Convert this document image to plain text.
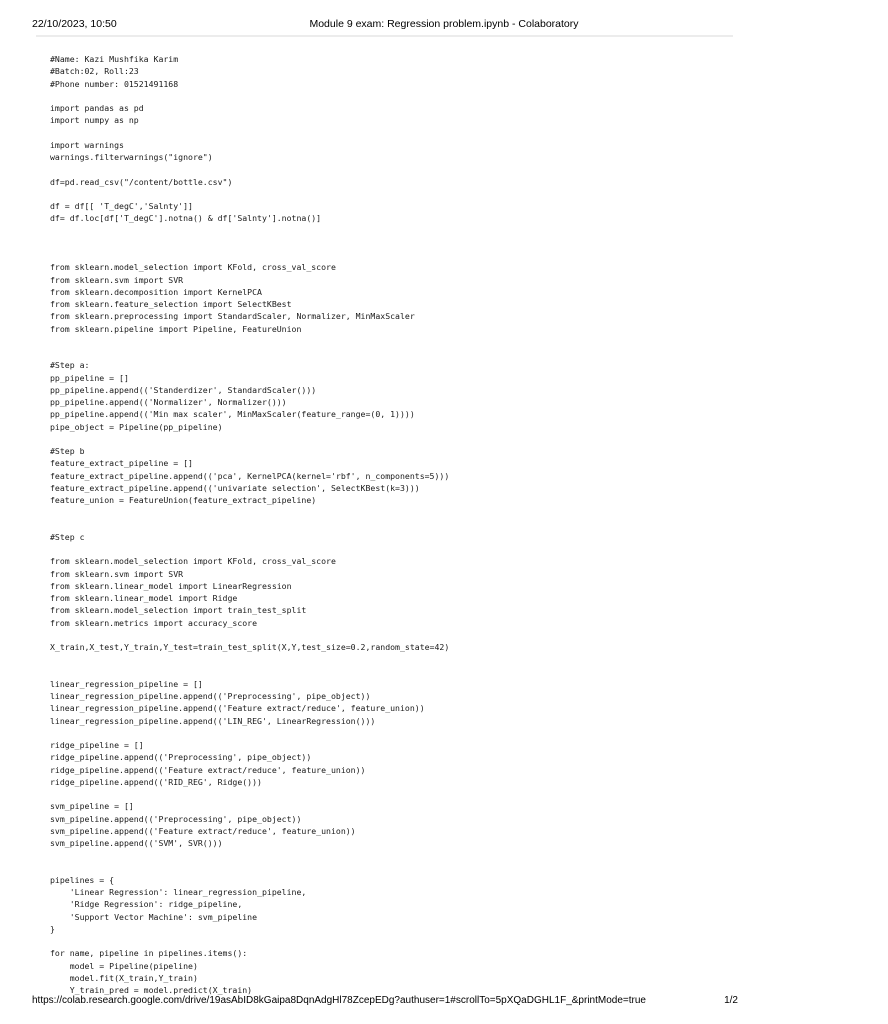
22/10/2023, 10:50	Module 9 exam: Regression problem.ipynb - Colaboratory
#Name: Kazi Mushfika Karim
#Batch:02, Roll:23
#Phone number: 01521491168
import pandas as pd
import numpy as np
import warnings
warnings.filterwarnings("ignore")
df=pd.read_csv("/content/bottle.csv")
df = df[[ 'T_degC','Salnty']]
df= df.loc[df['T_degC'].notna() & df['Salnty'].notna()]
from sklearn.model_selection import KFold, cross_val_score
from sklearn.svm import SVR
from sklearn.decomposition import KernelPCA
from sklearn.feature_selection import SelectKBest
from sklearn.preprocessing import StandardScaler, Normalizer, MinMaxScaler
from sklearn.pipeline import Pipeline, FeatureUnion
#Step a:
pp_pipeline = []
pp_pipeline.append(('Standerdizer', StandardScaler()))
pp_pipeline.append(('Normalizer', Normalizer()))
pp_pipeline.append(('Min max scaler', MinMaxScaler(feature_range=(0, 1))))
pipe_object = Pipeline(pp_pipeline)
#Step b
feature_extract_pipeline = []
feature_extract_pipeline.append(('pca', KernelPCA(kernel='rbf', n_components=5)))
feature_extract_pipeline.append(('univariate selection', SelectKBest(k=3)))
feature_union = FeatureUnion(feature_extract_pipeline)
#Step c
from sklearn.model_selection import KFold, cross_val_score
from sklearn.svm import SVR
from sklearn.linear_model import LinearRegression
from sklearn.linear_model import Ridge
from sklearn.model_selection import train_test_split
from sklearn.metrics import accuracy_score
X_train,X_test,Y_train,Y_test=train_test_split(X,Y,test_size=0.2,random_state=42)
linear_regression_pipeline = []
linear_regression_pipeline.append(('Preprocessing', pipe_object))
linear_regression_pipeline.append(('Feature extract/reduce', feature_union))
linear_regression_pipeline.append(('LIN_REG', LinearRegression()))
ridge_pipeline = []
ridge_pipeline.append(('Preprocessing', pipe_object))
ridge_pipeline.append(('Feature extract/reduce', feature_union))
ridge_pipeline.append(('RID_REG', Ridge()))
svm_pipeline = []
svm_pipeline.append(('Preprocessing', pipe_object))
svm_pipeline.append(('Feature extract/reduce', feature_union))
svm_pipeline.append(('SVM', SVR()))
pipelines = {
'Linear Regression': linear_regression_pipeline,
'Ridge Regression': ridge_pipeline,
'Support Vector Machine': svm_pipeline
}
for name, pipeline in pipelines.items():
model = Pipeline(pipeline)
model.fit(X_train,Y_train)
Y_train_pred = model.predict(X_train)
https://colab.research.google.com/drive/19asAbID8kGaipa8DqnAdgHl78ZcepEDg?authuser=1#scrollTo=5pXQaDGHL1F_&printMode=true	1/2
